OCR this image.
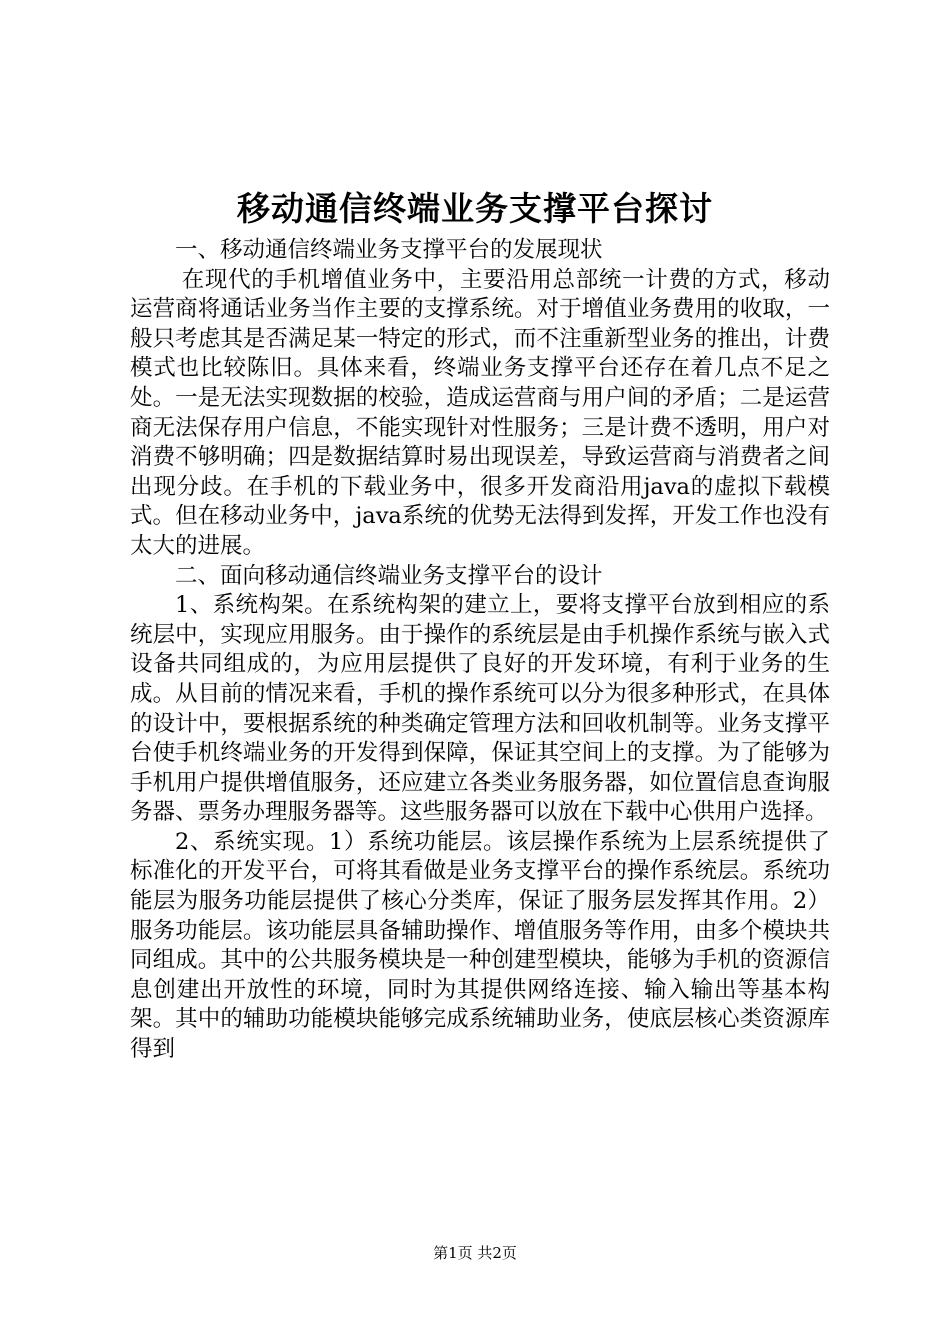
移动通信终端业务支撑平台探讨

一、移动通信终端业务支撑平台的发展现状

在现代的手机增值业务中，主要沿用总部统一计费的方式，移动运营商将通话业务当作主要的支撑系统。对于增值业务费用的收取，一般只考虑其是否满足某一特定的形式，而不注重新型业务的推出，计费模式也比较陈旧。具体来看，终端业务支撑平台还存在着几点不足之处。一是无法实现数据的校验，造成运营商与用户间的矛盾；二是运营商无法保存用户信息，不能实现针对性服务；三是计费不透明，用户对消费不够明确；四是数据结算时易出现误差，导致运营商与消费者之间出现分歧。在手机的下载业务中，很多开发商沿用java的虚拟下载模式。但在移动业务中，java系统的优势无法得到发挥，开发工作也没有太大的进展。

二、面向移动通信终端业务支撑平台的设计

1、系统构架。在系统构架的建立上，要将支撑平台放到相应的系统层中，实现应用服务。由于操作的系统层是由手机操作系统与嵌入式设备共同组成的，为应用层提供了良好的开发环境，有利于业务的生成。从目前的情况来看，手机的操作系统可以分为很多种形式，在具体的设计中，要根据系统的种类确定管理方法和回收机制等。业务支撑平台使手机终端业务的开发得到保障，保证其空间上的支撑。为了能够为手机用户提供增值服务，还应建立各类业务服务器，如位置信息查询服务器、票务办理服务器等。这些服务器可以放在下载中心供用户选择。

2、系统实现。1）系统功能层。该层操作系统为上层系统提供了标准化的开发平台，可将其看做是业务支撑平台的操作系统层。系统功能层为服务功能层提供了核心分类库，保证了服务层发挥其作用。2）服务功能层。该功能层具备辅助操作、增值服务等作用，由多个模块共同组成。其中的公共服务模块是一种创建型模块，能够为手机的资源信息创建出开放性的环境，同时为其提供网络连接、输入输出等基本构架。其中的辅助功能模块能够完成系统辅助业务，使底层核心类资源库得到

第1页 共2页
